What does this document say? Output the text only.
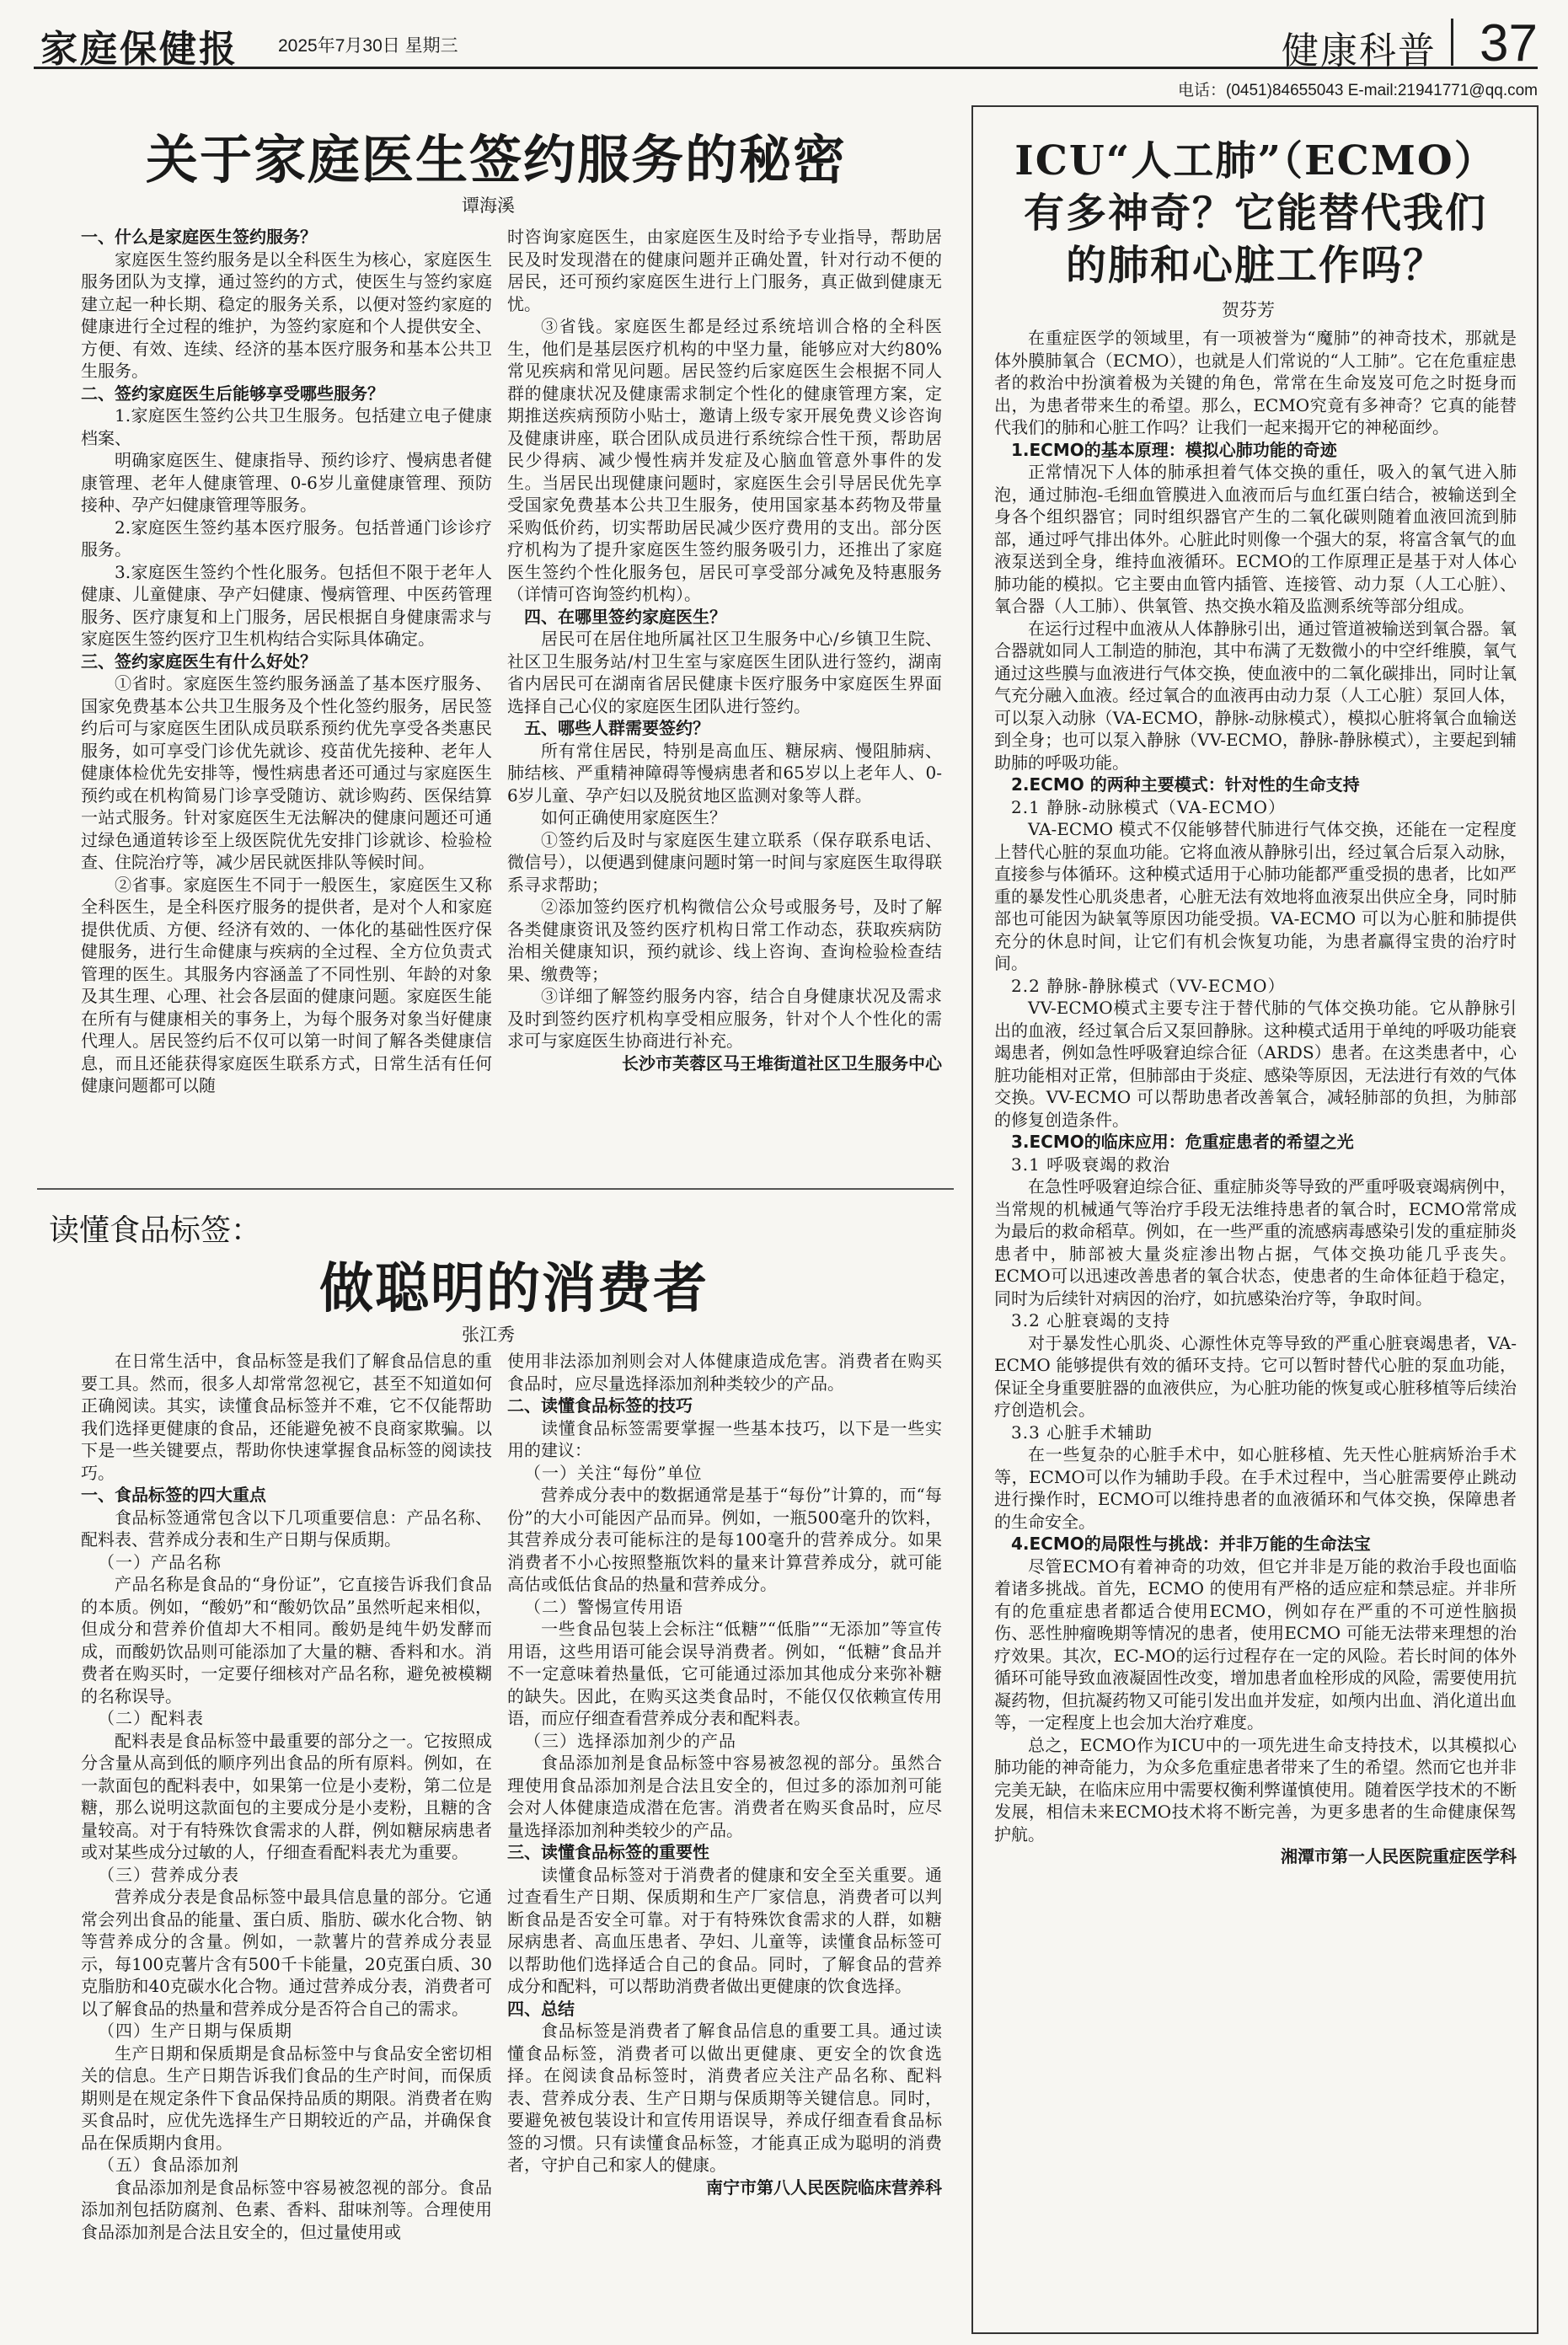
家庭保健报 2025年7月30日 星期三	健康科普 37
电话：(0451)84655043 E-mail:21941771@qq.com
关于家庭医生签约服务的秘密
谭海溪

一、什么是家庭医生签约服务？

家庭医生签约服务是以全科医生为核心，家庭医生服务团队为支撑，通过签约的方式，使医生与签约家庭建立起一种长期、稳定的服务关系，以便对签约家庭的健康进行全过程的维护，为签约家庭和个人提供安全、方便、有效、连续、经济的基本医疗服务和基本公共卫生服务。

二、签约家庭医生后能够享受哪些服务？

1.家庭医生签约公共卫生服务。包括建立电子健康档案、

明确家庭医生、健康指导、预约诊疗、慢病患者健康管理、老年人健康管理、0-6岁儿童健康管理、预防接种、孕产妇健康管理等服务。

2.家庭医生签约基本医疗服务。包括普通门诊诊疗服务。

3.家庭医生签约个性化服务。包括但不限于老年人健康、儿童健康、孕产妇健康、慢病管理、中医药管理服务、医疗康复和上门服务，居民根据自身健康需求与家庭医生签约医疗卫生机构结合实际具体确定。

三、签约家庭医生有什么好处？

①省时。家庭医生签约服务涵盖了基本医疗服务、国家免费基本公共卫生服务及个性化签约服务，居民签约后可与家庭医生团队成员联系预约优先享受各类惠民服务，如可享受门诊优先就诊、疫苗优先接种、老年人健康体检优先安排等，慢性病患者还可通过与家庭医生预约或在机构简易门诊享受随访、就诊购药、医保结算一站式服务。针对家庭医生无法解决的健康问题还可通过绿色通道转诊至上级医院优先安排门诊就诊、检验检查、住院治疗等，减少居民就医排队等候时间。

②省事。家庭医生不同于一般医生，家庭医生又称全科医生，是全科医疗服务的提供者，是对个人和家庭提供优质、方便、经济有效的、一体化的基础性医疗保健服务，进行生命健康与疾病的全过程、全方位负责式管理的医生。其服务内容涵盖了不同性别、年龄的对象及其生理、心理、社会各层面的健康问题。家庭医生能在所有与健康相关的事务上，为每个服务对象当好健康代理人。居民签约后不仅可以第一时间了解各类健康信息，而且还能获得家庭医生联系方式，日常生活有任何健康问题都可以随

时咨询家庭医生，由家庭医生及时给予专业指导，帮助居民及时发现潜在的健康问题并正确处置，针对行动不便的居民，还可预约家庭医生进行上门服务，真正做到健康无忧。

③省钱。家庭医生都是经过系统培训合格的全科医生，他们是基层医疗机构的中坚力量，能够应对大约80%常见疾病和常见问题。居民签约后家庭医生会根据不同人群的健康状况及健康需求制定个性化的健康管理方案，定期推送疾病预防小贴士，邀请上级专家开展免费义诊咨询及健康讲座，联合团队成员进行系统综合性干预，帮助居民少得病、减少慢性病并发症及心脑血管意外事件的发生。当居民出现健康问题时，家庭医生会引导居民优先享受国家免费基本公共卫生服务，使用国家基本药物及带量采购低价药，切实帮助居民减少医疗费用的支出。部分医疗机构为了提升家庭医生签约服务吸引力，还推出了家庭医生签约个性化服务包，居民可享受部分减免及特惠服务（详情可咨询签约机构）。

四、在哪里签约家庭医生？

居民可在居住地所属社区卫生服务中心/乡镇卫生院、社区卫生服务站/村卫生室与家庭医生团队进行签约，湖南省内居民可在湖南省居民健康卡医疗服务中家庭医生界面选择自己心仪的家庭医生团队进行签约。

五、哪些人群需要签约？

所有常住居民，特别是高血压、糖尿病、慢阻肺病、肺结核、严重精神障碍等慢病患者和65岁以上老年人、0-6岁儿童、孕产妇以及脱贫地区监测对象等人群。

如何正确使用家庭医生？

①签约后及时与家庭医生建立联系（保存联系电话、微信号），以便遇到健康问题时第一时间与家庭医生取得联系寻求帮助；

②添加签约医疗机构微信公众号或服务号，及时了解各类健康资讯及签约医疗机构日常工作动态，获取疾病防治相关健康知识，预约就诊、线上咨询、查询检验检查结果、缴费等；

③详细了解签约服务内容，结合自身健康状况及需求及时到签约医疗机构享受相应服务，针对个人个性化的需求可与家庭医生协商进行补充。

长沙市芙蓉区马王堆街道社区卫生服务中心

读懂食品标签：
做聪明的消费者
张江秀

在日常生活中，食品标签是我们了解食品信息的重要工具。然而，很多人却常常忽视它，甚至不知道如何正确阅读。其实，读懂食品标签并不难，它不仅能帮助我们选择更健康的食品，还能避免被不良商家欺骗。以下是一些关键要点，帮助你快速掌握食品标签的阅读技巧。

一、食品标签的四大重点

食品标签通常包含以下几项重要信息：产品名称、配料表、营养成分表和生产日期与保质期。

（一）产品名称

产品名称是食品的“身份证”，它直接告诉我们食品的本质。例如，“酸奶”和“酸奶饮品”虽然听起来相似，但成分和营养价值却大不相同。酸奶是纯牛奶发酵而成，而酸奶饮品则可能添加了大量的糖、香料和水。消费者在购买时，一定要仔细核对产品名称，避免被模糊的名称误导。

（二）配料表

配料表是食品标签中最重要的部分之一。它按照成分含量从高到低的顺序列出食品的所有原料。例如，在一款面包的配料表中，如果第一位是小麦粉，第二位是糖，那么说明这款面包的主要成分是小麦粉，且糖的含量较高。对于有特殊饮食需求的人群，例如糖尿病患者或对某些成分过敏的人，仔细查看配料表尤为重要。

（三）营养成分表

营养成分表是食品标签中最具信息量的部分。它通常会列出食品的能量、蛋白质、脂肪、碳水化合物、钠等营养成分的含量。例如，一款薯片的营养成分表显示，每100克薯片含有500千卡能量，20克蛋白质、30克脂肪和40克碳水化合物。通过营养成分表，消费者可以了解食品的热量和营养成分是否符合自己的需求。

（四）生产日期与保质期

生产日期和保质期是食品标签中与食品安全密切相关的信息。生产日期告诉我们食品的生产时间，而保质期则是在规定条件下食品保持品质的期限。消费者在购买食品时，应优先选择生产日期较近的产品，并确保食品在保质期内食用。

（五）食品添加剂

食品添加剂是食品标签中容易被忽视的部分。食品添加剂包括防腐剂、色素、香料、甜味剂等。合理使用食品添加剂是合法且安全的，但过量使用或

使用非法添加剂则会对人体健康造成危害。消费者在购买食品时，应尽量选择添加剂种类较少的产品。

二、读懂食品标签的技巧

读懂食品标签需要掌握一些基本技巧，以下是一些实用的建议：

（一）关注“每份”单位

营养成分表中的数据通常是基于“每份”计算的，而“每份”的大小可能因产品而异。例如，一瓶500毫升的饮料，其营养成分表可能标注的是每100毫升的营养成分。如果消费者不小心按照整瓶饮料的量来计算营养成分，就可能高估或低估食品的热量和营养成分。

（二）警惕宣传用语

一些食品包装上会标注“低糖”“低脂”“无添加”等宣传用语，这些用语可能会误导消费者。例如，“低糖”食品并不一定意味着热量低，它可能通过添加其他成分来弥补糖的缺失。因此，在购买这类食品时，不能仅仅依赖宣传用语，而应仔细查看营养成分表和配料表。

（三）选择添加剂少的产品

食品添加剂是食品标签中容易被忽视的部分。虽然合理使用食品添加剂是合法且安全的，但过多的添加剂可能会对人体健康造成潜在危害。消费者在购买食品时，应尽量选择添加剂种类较少的产品。

三、读懂食品标签的重要性

读懂食品标签对于消费者的健康和安全至关重要。通过查看生产日期、保质期和生产厂家信息，消费者可以判断食品是否安全可靠。对于有特殊饮食需求的人群，如糖尿病患者、高血压患者、孕妇、儿童等，读懂食品标签可以帮助他们选择适合自己的食品。同时，了解食品的营养成分和配料，可以帮助消费者做出更健康的饮食选择。

四、总结

食品标签是消费者了解食品信息的重要工具。通过读懂食品标签，消费者可以做出更健康、更安全的饮食选择。在阅读食品标签时，消费者应关注产品名称、配料表、营养成分表、生产日期与保质期等关键信息。同时，要避免被包装设计和宣传用语误导，养成仔细查看食品标签的习惯。只有读懂食品标签，才能真正成为聪明的消费者，守护自己和家人的健康。

南宁市第八人民医院临床营养科

ICU“人工肺”（ECMO）
有多神奇？它能替代我们
的肺和心脏工作吗？
贺芬芳

在重症医学的领域里，有一项被誉为“魔肺”的神奇技术，那就是体外膜肺氧合（ECMO），也就是人们常说的“人工肺”。它在危重症患者的救治中扮演着极为关键的角色，常常在生命岌岌可危之时挺身而出，为患者带来生的希望。那么，ECMO究竟有多神奇？它真的能替代我们的肺和心脏工作吗？让我们一起来揭开它的神秘面纱。

1.ECMO的基本原理：模拟心肺功能的奇迹

正常情况下人体的肺承担着气体交换的重任，吸入的氧气进入肺泡，通过肺泡-毛细血管膜进入血液而后与血红蛋白结合，被输送到全身各个组织器官；同时组织器官产生的二氧化碳则随着血液回流到肺部，通过呼气排出体外。心脏此时则像一个强大的泵，将富含氧气的血液泵送到全身，维持血液循环。ECMO的工作原理正是基于对人体心肺功能的模拟。它主要由血管内插管、连接管、动力泵（人工心脏）、氧合器（人工肺）、供氧管、热交换水箱及监测系统等部分组成。

在运行过程中血液从人体静脉引出，通过管道被输送到氧合器。氧合器就如同人工制造的肺泡，其中布满了无数微小的中空纤维膜，氧气通过这些膜与血液进行气体交换，使血液中的二氧化碳排出，同时让氧气充分融入血液。经过氧合的血液再由动力泵（人工心脏）泵回人体，可以泵入动脉（VA-ECMO，静脉-动脉模式），模拟心脏将氧合血输送到全身；也可以泵入静脉（VV-ECMO，静脉-静脉模式），主要起到辅助肺的呼吸功能。

2.ECMO 的两种主要模式：针对性的生命支持

2.1 静脉-动脉模式（VA-ECMO）

VA-ECMO 模式不仅能够替代肺进行气体交换，还能在一定程度上替代心脏的泵血功能。它将血液从静脉引出，经过氧合后泵入动脉，直接参与体循环。这种模式适用于心肺功能都严重受损的患者，比如严重的暴发性心肌炎患者，心脏无法有效地将血液泵出供应全身，同时肺部也可能因为缺氧等原因功能受损。VA-ECMO 可以为心脏和肺提供充分的休息时间，让它们有机会恢复功能，为患者赢得宝贵的治疗时间。

2.2 静脉-静脉模式（VV-ECMO）

VV-ECMO模式主要专注于替代肺的气体交换功能。它从静脉引出的血液，经过氧合后又泵回静脉。这种模式适用于单纯的呼吸功能衰竭患者，例如急性呼吸窘迫综合征（ARDS）患者。在这类患者中，心脏功能相对正常，但肺部由于炎症、感染等原因，无法进行有效的气体交换。VV-ECMO 可以帮助患者改善氧合，减轻肺部的负担，为肺部的修复创造条件。

3.ECMO的临床应用：危重症患者的希望之光

3.1 呼吸衰竭的救治

在急性呼吸窘迫综合征、重症肺炎等导致的严重呼吸衰竭病例中，当常规的机械通气等治疗手段无法维持患者的氧合时，ECMO常常成为最后的救命稻草。例如，在一些严重的流感病毒感染引发的重症肺炎患者中，肺部被大量炎症渗出物占据，气体交换功能几乎丧失。ECMO可以迅速改善患者的氧合状态，使患者的生命体征趋于稳定，同时为后续针对病因的治疗，如抗感染治疗等，争取时间。

3.2 心脏衰竭的支持

对于暴发性心肌炎、心源性休克等导致的严重心脏衰竭患者，VA-ECMO 能够提供有效的循环支持。它可以暂时替代心脏的泵血功能，保证全身重要脏器的血液供应，为心脏功能的恢复或心脏移植等后续治疗创造机会。

3.3 心脏手术辅助

在一些复杂的心脏手术中，如心脏移植、先天性心脏病矫治手术等，ECMO可以作为辅助手段。在手术过程中，当心脏需要停止跳动进行操作时，ECMO可以维持患者的血液循环和气体交换，保障患者的生命安全。

4.ECMO的局限性与挑战：并非万能的生命法宝

尽管ECMO有着神奇的功效，但它并非是万能的救治手段也面临着诸多挑战。首先，ECMO 的使用有严格的适应症和禁忌症。并非所有的危重症患者都适合使用ECMO，例如存在严重的不可逆性脑损伤、恶性肿瘤晚期等情况的患者，使用ECMO 可能无法带来理想的治疗效果。其次，EC-MO的运行过程存在一定的风险。若长时间的体外循环可能导致血液凝固性改变，增加患者血栓形成的风险，需要使用抗凝药物，但抗凝药物又可能引发出血并发症，如颅内出血、消化道出血等，一定程度上也会加大治疗难度。

总之，ECMO作为ICU中的一项先进生命支持技术，以其模拟心肺功能的神奇能力，为众多危重症患者带来了生的希望。然而它也并非完美无缺，在临床应用中需要权衡利弊谨慎使用。随着医学技术的不断发展，相信未来ECMO技术将不断完善，为更多患者的生命健康保驾护航。

湘潭市第一人民医院重症医学科
